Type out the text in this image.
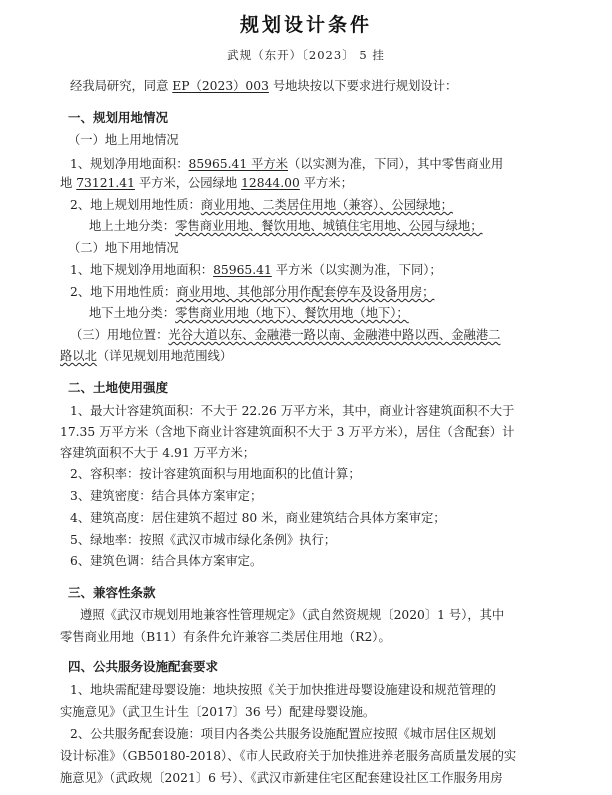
规划设计条件
武规（东开）〔2023〕 5 挂
经我局研究，同意 EP（2023）003 号地块按以下要求进行规划设计：
一、规划用地情况
（一）地上用地情况
1、规划净用地面积：85965.41 平方米（以实测为准，下同），其中零售商业用
地 73121.41 平方米，公园绿地 12844.00 平方米；
2、地上规划用地性质：商业用地、二类居住用地（兼容）、公园绿地；
地上土地分类：零售商业用地、餐饮用地、城镇住宅用地、公园与绿地；
（二）地下用地情况
1、地下规划净用地面积：85965.41 平方米（以实测为准，下同）；
2、地下用地性质：商业用地、其他部分用作配套停车及设备用房；
地下土地分类：零售商业用地（地下）、餐饮用地（地下）；
（三）用地位置：光谷大道以东、金融港一路以南、金融港中路以西、金融港二
路以北（详见规划用地范围线）
二、土地使用强度
1、最大计容建筑面积：不大于 22.26 万平方米，其中，商业计容建筑面积不大于
17.35 万平方米（含地下商业计容建筑面积不大于 3 万平方米），居住（含配套）计
容建筑面积不大于 4.91 万平方米；
2、容积率：按计容建筑面积与用地面积的比值计算；
3、建筑密度：结合具体方案审定；
4、建筑高度：居住建筑不超过 80 米，商业建筑结合具体方案审定；
5、绿地率：按照《武汉市城市绿化条例》执行；
6、建筑色调：结合具体方案审定。
三、兼容性条款
遵照《武汉市规划用地兼容性管理规定》（武自然资规规〔2020〕1 号），其中
零售商业用地（B11）有条件允许兼容二类居住用地（R2）。
四、公共服务设施配套要求
1、地块需配建母婴设施：地块按照《关于加快推进母婴设施建设和规范管理的
实施意见》（武卫生计生〔2017〕36 号）配建母婴设施。
2、公共服务配套设施：项目内各类公共服务设施配置应按照《城市居住区规划
设计标准》（GB50180-2018）、《市人民政府关于加快推进养老服务高质量发展的实
施意见》（武政规〔2021〕6 号）、《武汉市新建住宅区配套建设社区工作服务用房
